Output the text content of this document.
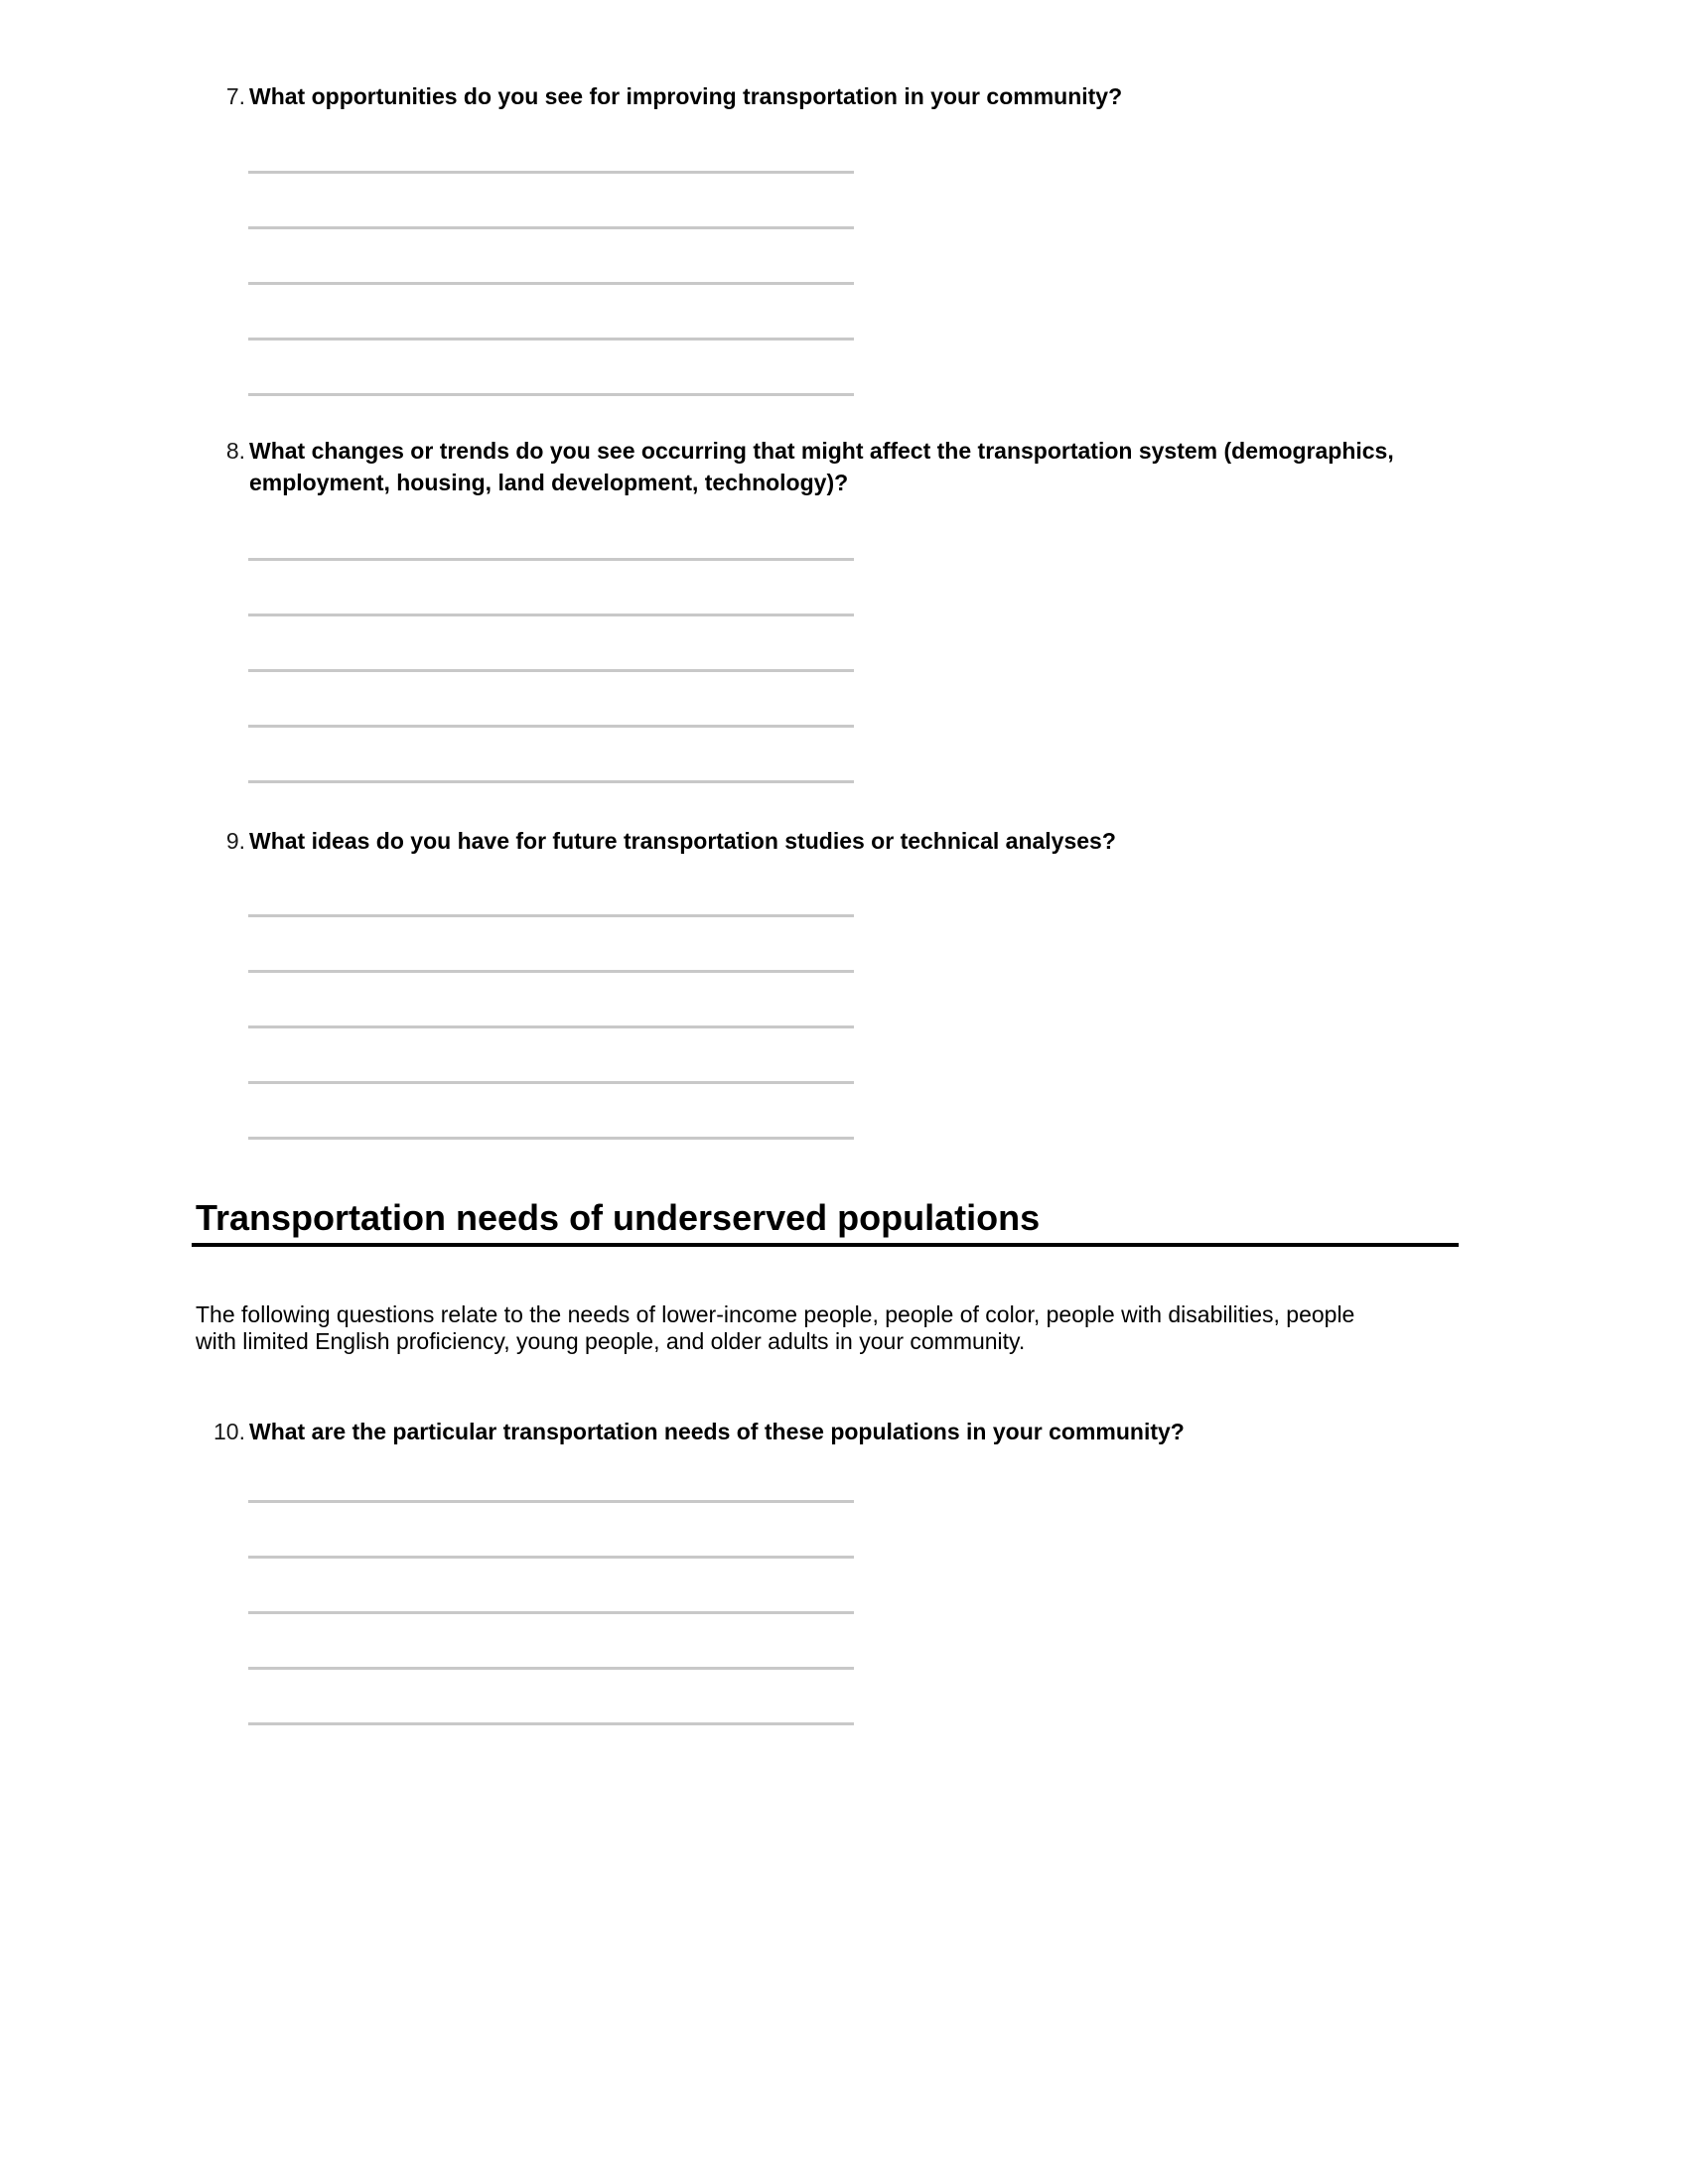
7. What opportunities do you see for improving transportation in your community?
8. What changes or trends do you see occurring that might affect the transportation system (demographics, employment, housing, land development, technology)?
9. What ideas do you have for future transportation studies or technical analyses?
Transportation needs of underserved populations
The following questions relate to the needs of lower-income people, people of color, people with disabilities, people with limited English proficiency, young people, and older adults in your community.
10. What are the particular transportation needs of these populations in your community?
